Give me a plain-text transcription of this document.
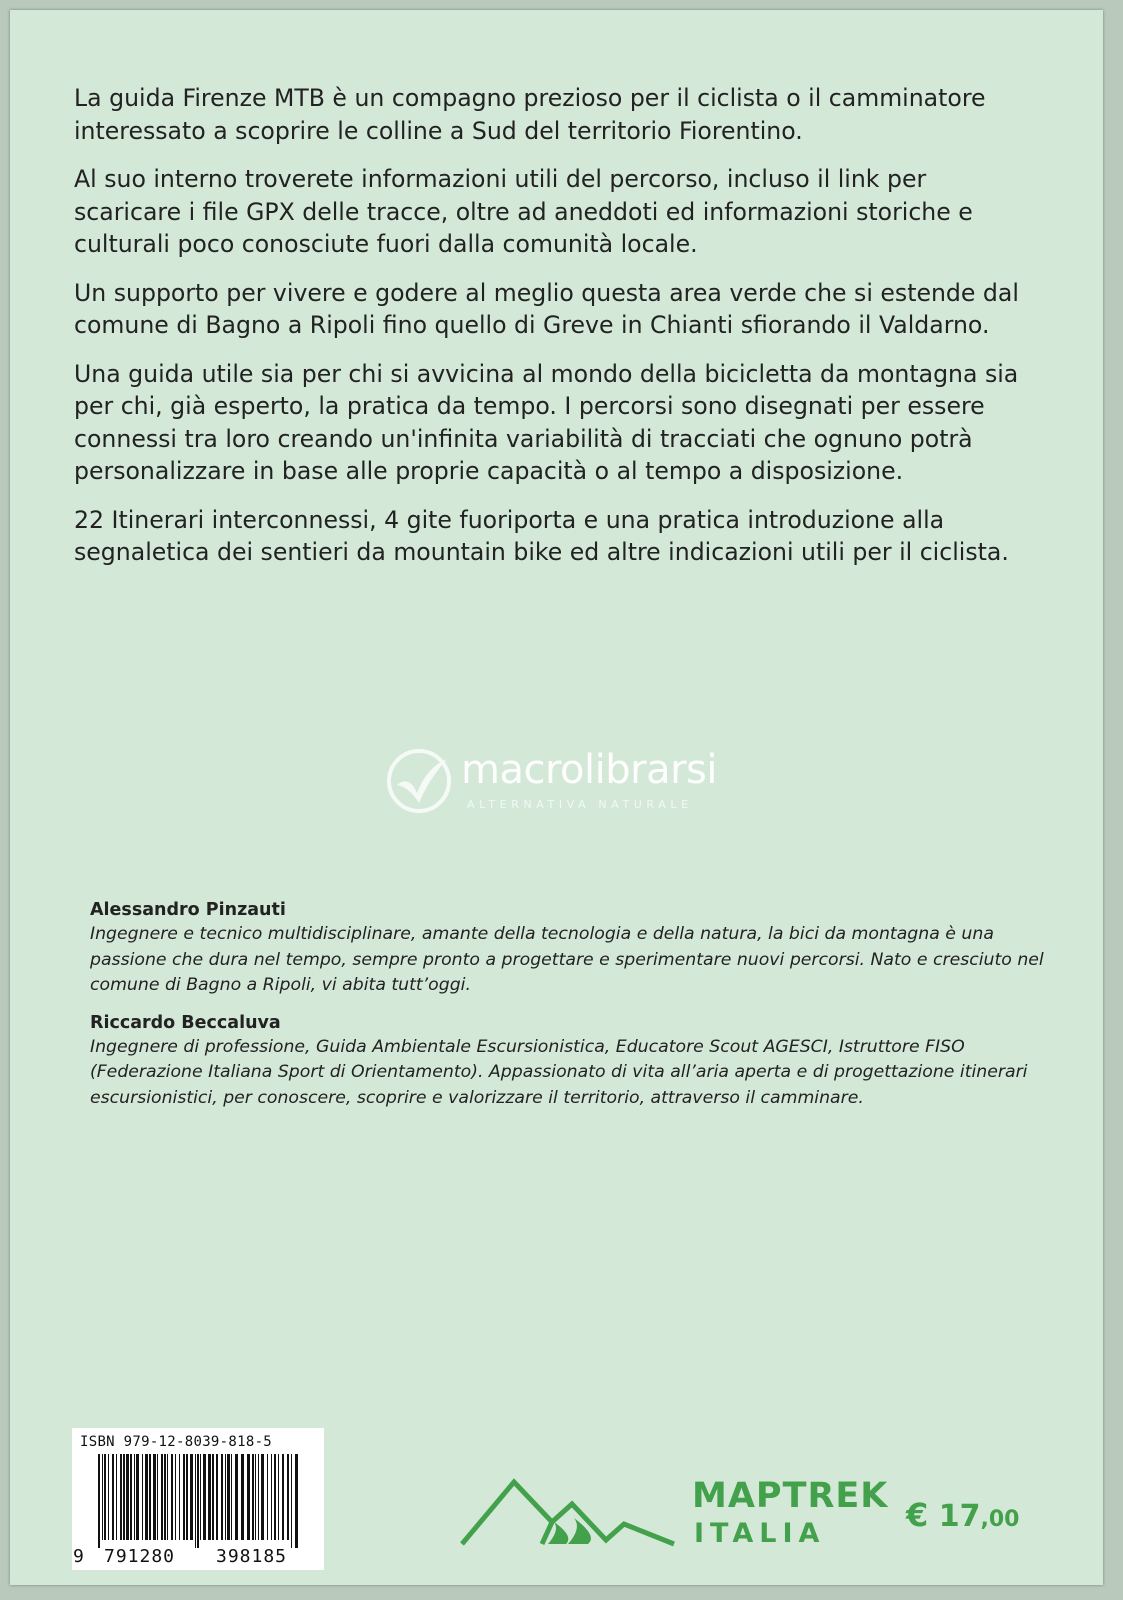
La guida Firenze MTB è un compagno prezioso per il ciclista o il camminatore interessato a scoprire le colline a Sud del territorio Fiorentino.

Al suo interno troverete informazioni utili del percorso, incluso il link per scaricare i file GPX delle tracce, oltre ad aneddoti ed informazioni storiche e culturali poco conosciute fuori dalla comunità locale.

Un supporto per vivere e godere al meglio questa area verde che si estende dal comune di Bagno a Ripoli fino quello di Greve in Chianti sfiorando il Valdarno.

Una guida utile sia per chi si avvicina al mondo della bicicletta da montagna sia per chi, già esperto, la pratica da tempo. I percorsi sono disegnati per essere connessi tra loro creando un'infinita variabilità di tracciati che ognuno potrà personalizzare in base alle proprie capacità o al tempo a disposizione.

22 Itinerari interconnessi, 4 gite fuoriporta e una pratica introduzione alla segnaletica dei sentieri da mountain bike ed altre indicazioni utili per il ciclista.

macrolibrarsi
ALTERNATIVA NATURALE
Alessandro Pinzauti
Ingegnere e tecnico multidisciplinare, amante della tecnologia e della natura, la bici da montagna è una passione che dura nel tempo, sempre pronto a progettare e sperimentare nuovi percorsi. Nato e cresciuto nel comune di Bagno a Ripoli, vi abita tutt’oggi.
Riccardo Beccaluva
Ingegnere di professione, Guida Ambientale Escursionistica, Educatore Scout AGESCI, Istruttore FISO (Federazione Italiana Sport di Orientamento). Appassionato di vita all’aria aperta e di progettazione itinerari escursionistici, per conoscere, scoprire e valorizzare il territorio, attraverso il camminare.
ISBN 979-12-8039-818-5
9 791280 398185
MAPTREK
ITALIA	€ 17,00
